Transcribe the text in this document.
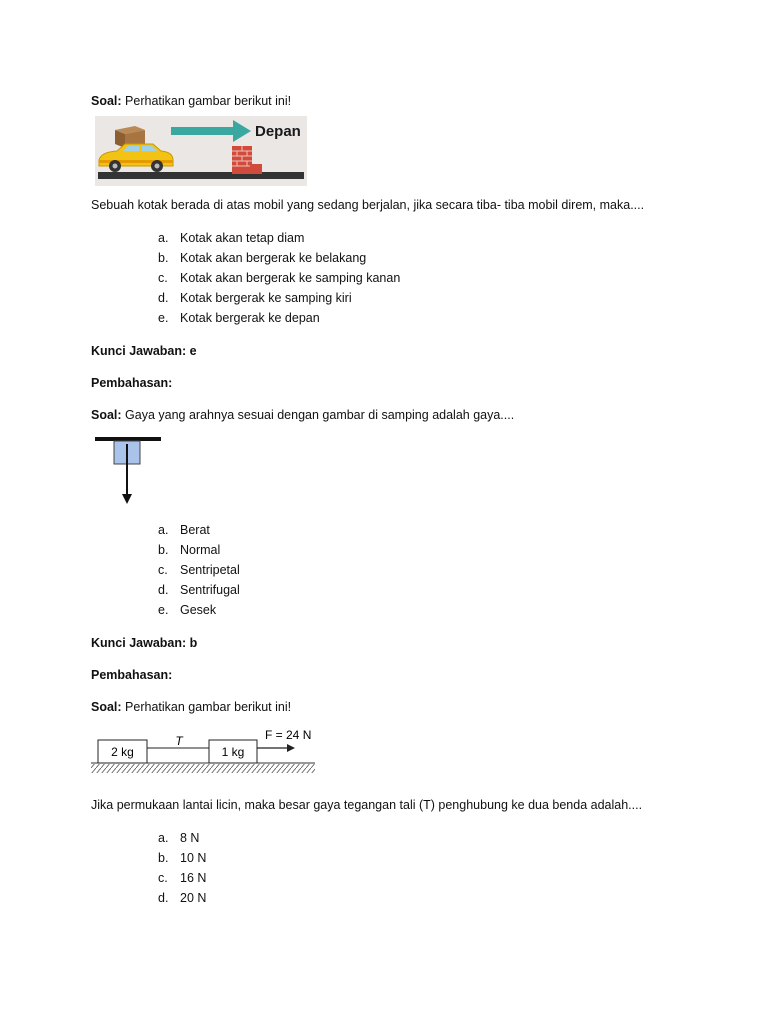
Soal: Perhatikan gambar berikut ini!
Depan
Sebuah kotak berada di atas mobil yang sedang berjalan, jika secara tiba- tiba mobil direm, maka....
a. Kotak akan tetap diam
b. Kotak akan bergerak ke belakang
c. Kotak akan bergerak ke samping kanan
d. Kotak bergerak ke samping kiri
e. Kotak bergerak ke depan
Kunci Jawaban: e
Pembahasan:
Soal: Gaya yang arahnya sesuai dengan gambar di samping adalah gaya....
a. Berat
b. Normal
c. Sentripetal
d. Sentrifugal
e. Gesek
Kunci Jawaban: b
Pembahasan:
Soal: Perhatikan gambar berikut ini!
2 kg
T
1 kg
F = 24 N
Jika permukaan lantai licin, maka besar gaya tegangan tali (T) penghubung ke dua benda adalah....
a. 8 N
b. 10 N
c. 16 N
d. 20 N
